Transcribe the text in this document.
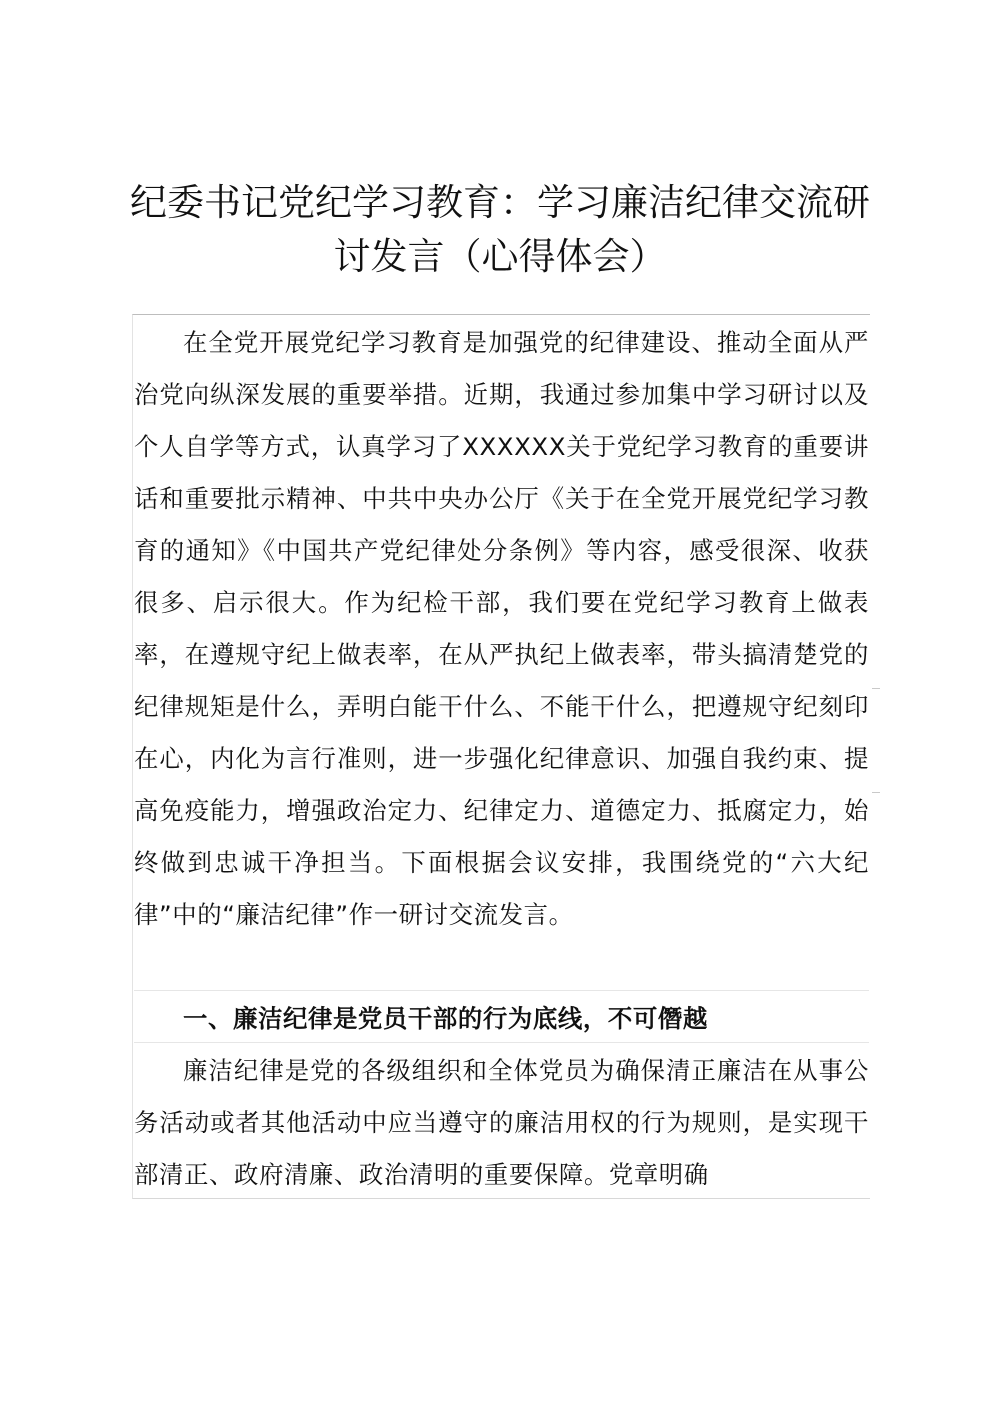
纪委书记党纪学习教育：学习廉洁纪律交流研讨发言（心得体会）
在全党开展党纪学习教育是加强党的纪律建设、推动全面从严治党向纵深发展的重要举措。近期，我通过参加集中学习研讨以及个人自学等方式，认真学习了XXXXXX关于党纪学习教育的重要讲话和重要批示精神、中共中央办公厅《关于在全党开展党纪学习教育的通知》《中国共产党纪律处分条例》等内容，感受很深、收获很多、启示很大。作为纪检干部，我们要在党纪学习教育上做表率，在遵规守纪上做表率，在从严执纪上做表率，带头搞清楚党的纪律规矩是什么，弄明白能干什么、不能干什么，把遵规守纪刻印在心，内化为言行准则，进一步强化纪律意识、加强自我约束、提高免疫能力，增强政治定力、纪律定力、道德定力、抵腐定力，始终做到忠诚干净担当。下面根据会议安排，我围绕党的“六大纪律”中的“廉洁纪律”作一研讨交流发言。
一、廉洁纪律是党员干部的行为底线，不可僭越
廉洁纪律是党的各级组织和全体党员为确保清正廉洁在从事公务活动或者其他活动中应当遵守的廉洁用权的行为规则，是实现干部清正、政府清廉、政治清明的重要保障。党章明确
